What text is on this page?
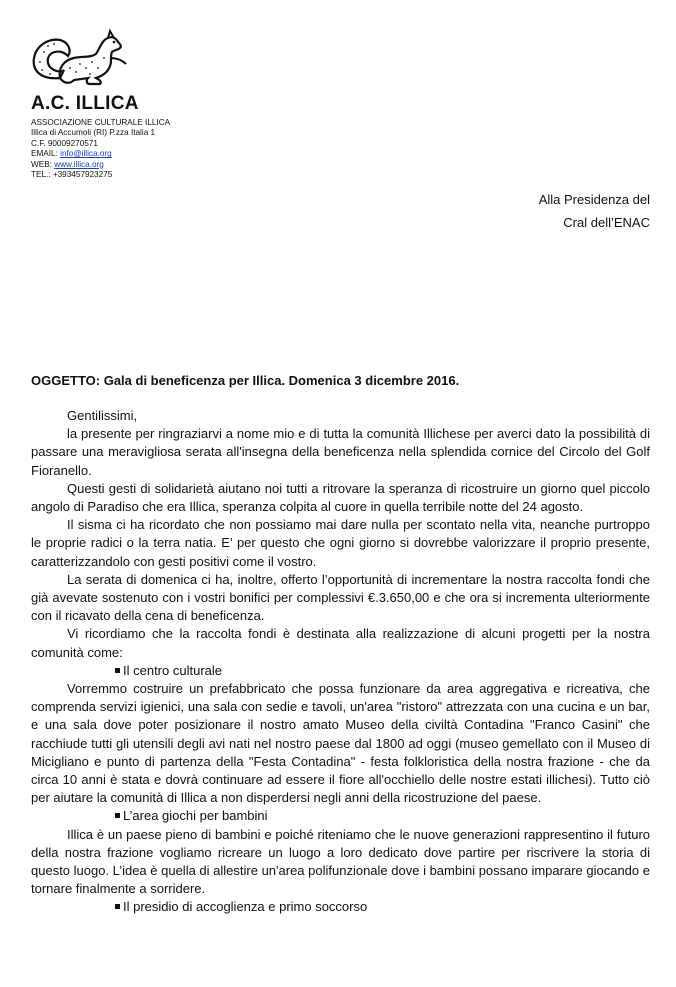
A.C. ILLICA
ASSOCIAZIONE CULTURALE ILLICA
Illica di Accumoli (RI) P.zza Italia 1
C.F. 90009270571
EMAIL: info@illica.org
WEB: www.illica.org
TEL.: +393457923275
Alla Presidenza del
Cral dell’ENAC
OGGETTO: Gala di beneficenza per Illica. Domenica 3 dicembre 2016.

Gentilissimi,

la presente per ringraziarvi a nome mio e di tutta la comunità Illichese per averci dato la possibilità di passare una meravigliosa serata all'insegna della beneficenza nella splendida cornice del Circolo del Golf Fioranello.

Questi gesti di solidarietà aiutano noi tutti a ritrovare la speranza di ricostruire un giorno quel piccolo angolo di Paradiso che era Illica, speranza colpita al cuore in quella terribile notte del 24 agosto.

Il sisma ci ha ricordato che non possiamo mai dare nulla per scontato nella vita, neanche purtroppo le proprie radici o la terra natia. E’ per questo che ogni giorno si dovrebbe valorizzare il proprio presente, caratterizzandolo con gesti positivi come il vostro.

La serata di domenica ci ha, inoltre, offerto l’opportunità di incrementare la nostra raccolta fondi che già avevate sostenuto con i vostri bonifici per complessivi €.3.650,00 e che ora si incrementa ulteriormente con il ricavato della cena di beneficenza.

Vi ricordiamo che la raccolta fondi è destinata alla realizzazione di alcuni progetti per la nostra comunità come:

Il centro culturale

Vorremmo costruire un prefabbricato che possa funzionare da area aggregativa e ricreativa, che comprenda servizi igienici, una sala con sedie e tavoli, un'area "ristoro" attrezzata con una cucina e un bar, e una sala dove poter posizionare il nostro amato Museo della civiltà Contadina "Franco Casini" che racchiude tutti gli utensili degli avi nati nel nostro paese dal 1800 ad oggi (museo gemellato con il Museo di Micigliano e punto di partenza della "Festa Contadina" - festa folkloristica della nostra frazione - che da circa 10 anni è stata e dovrà continuare ad essere il fiore all'occhiello delle nostre estati illichesi). Tutto ciò per aiutare la comunità di Illica a non disperdersi negli anni della ricostruzione del paese.

L’area giochi per bambini

Illica è un paese pieno di bambini e poiché riteniamo che le nuove generazioni rappresentino il futuro della nostra frazione vogliamo ricreare un luogo a loro dedicato dove partire per riscrivere la storia di questo luogo. L’idea è quella di allestire un'area polifunzionale dove i bambini possano imparare giocando e tornare finalmente a sorridere.

Il presidio di accoglienza e primo soccorso
